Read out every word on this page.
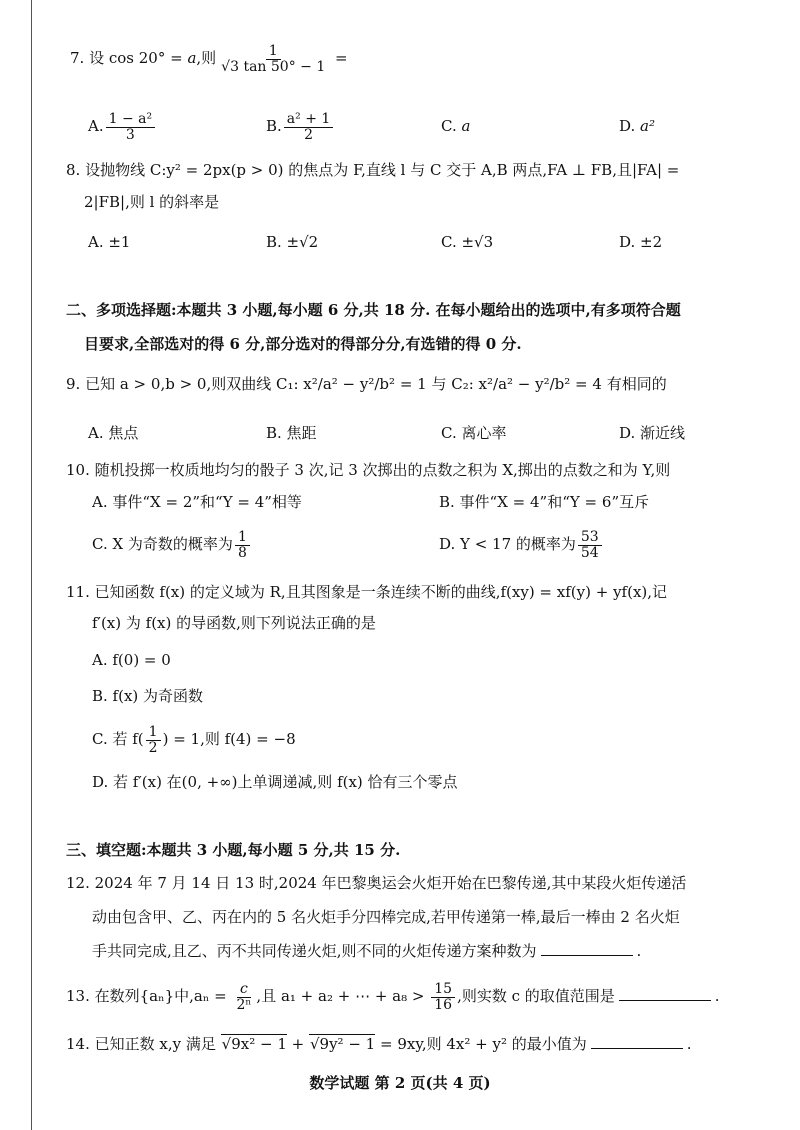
7. 设 cos 20° = a,则 $\frac{1}{√3 \tan 50^\circ - 1}$ =
A. $\frac{\text{1 − a²}}{3}$	B. $\frac{\text{a² + 1}}{2}$	C. a	D. a²
8. 设抛物线 C:y² = 2px(p > 0) 的焦点为 F,直线 l 与 C 交于 A,B 两点,FA ⊥ FB,且|FA| =
2|FB|,则 l 的斜率是
A. ±1	B. ±√2	C. ±√3	D. ±2
二、多项选择题:本题共 3 小题,每小题 6 分,共 18 分. 在每小题给出的选项中,有多项符合题
目要求,全部选对的得 6 分,部分选对的得部分分,有选错的得 0 分.
9. 已知 a > 0,b > 0,则双曲线 C₁: x²/a² − y²/b² = 1 与 C₂: x²/a² − y²/b² = 4 有相同的
A. 焦点	B. 焦距	C. 离心率	D. 渐近线
10. 随机投掷一枚质地均匀的骰子 3 次,记 3 次掷出的点数之积为 X,掷出的点数之和为 Y,则
A. 事件“X = 2”和“Y = 4”相等	B. 事件“X = 4”和“Y = 6”互斥
C. X 为奇数的概率为 $\frac{1}{8}$	D. Y < 17 的概率为 $\frac{53}{54}$
11. 已知函数 f(x) 的定义域为 R,且其图象是一条连续不断的曲线,f(xy) = xf(y) + yf(x),记
f′(x) 为 f(x) 的导函数,则下列说法正确的是
A. f(0) = 0
B. f(x) 为奇函数
C. 若 $f( \frac{1}{2}$ ) = 1,则 f(4) = −8
D. 若 f′(x) 在(0, +∞)上单调递减,则 f(x) 恰有三个零点
三、填空题:本题共 3 小题,每小题 5 分,共 15 分.
12. 2024 年 7 月 14 日 13 时,2024 年巴黎奥运会火炬开始在巴黎传递,其中某段火炬传递活
动由包含甲、乙、丙在内的 5 名火炬手分四棒完成,若甲传递第一棒,最后一棒由 2 名火炬
手共同完成,且乙、丙不共同传递火炬,则不同的火炬传递方案种数为	.
13. 在数列{aₙ}中$,a_n = \frac{c}{\text{2ⁿ}}$ ,且 a₁ + a₂ + ⋯ + $a_8 > \frac{15}{16}$ ,则实数 c 的取值范围是	.
14. 已知正数 x,y 满足 √9x² − 1 + √9y² − 1 = 9xy,则 4x² + y² 的最小值为	.
数学试题 第 2 页(共 4 页)
